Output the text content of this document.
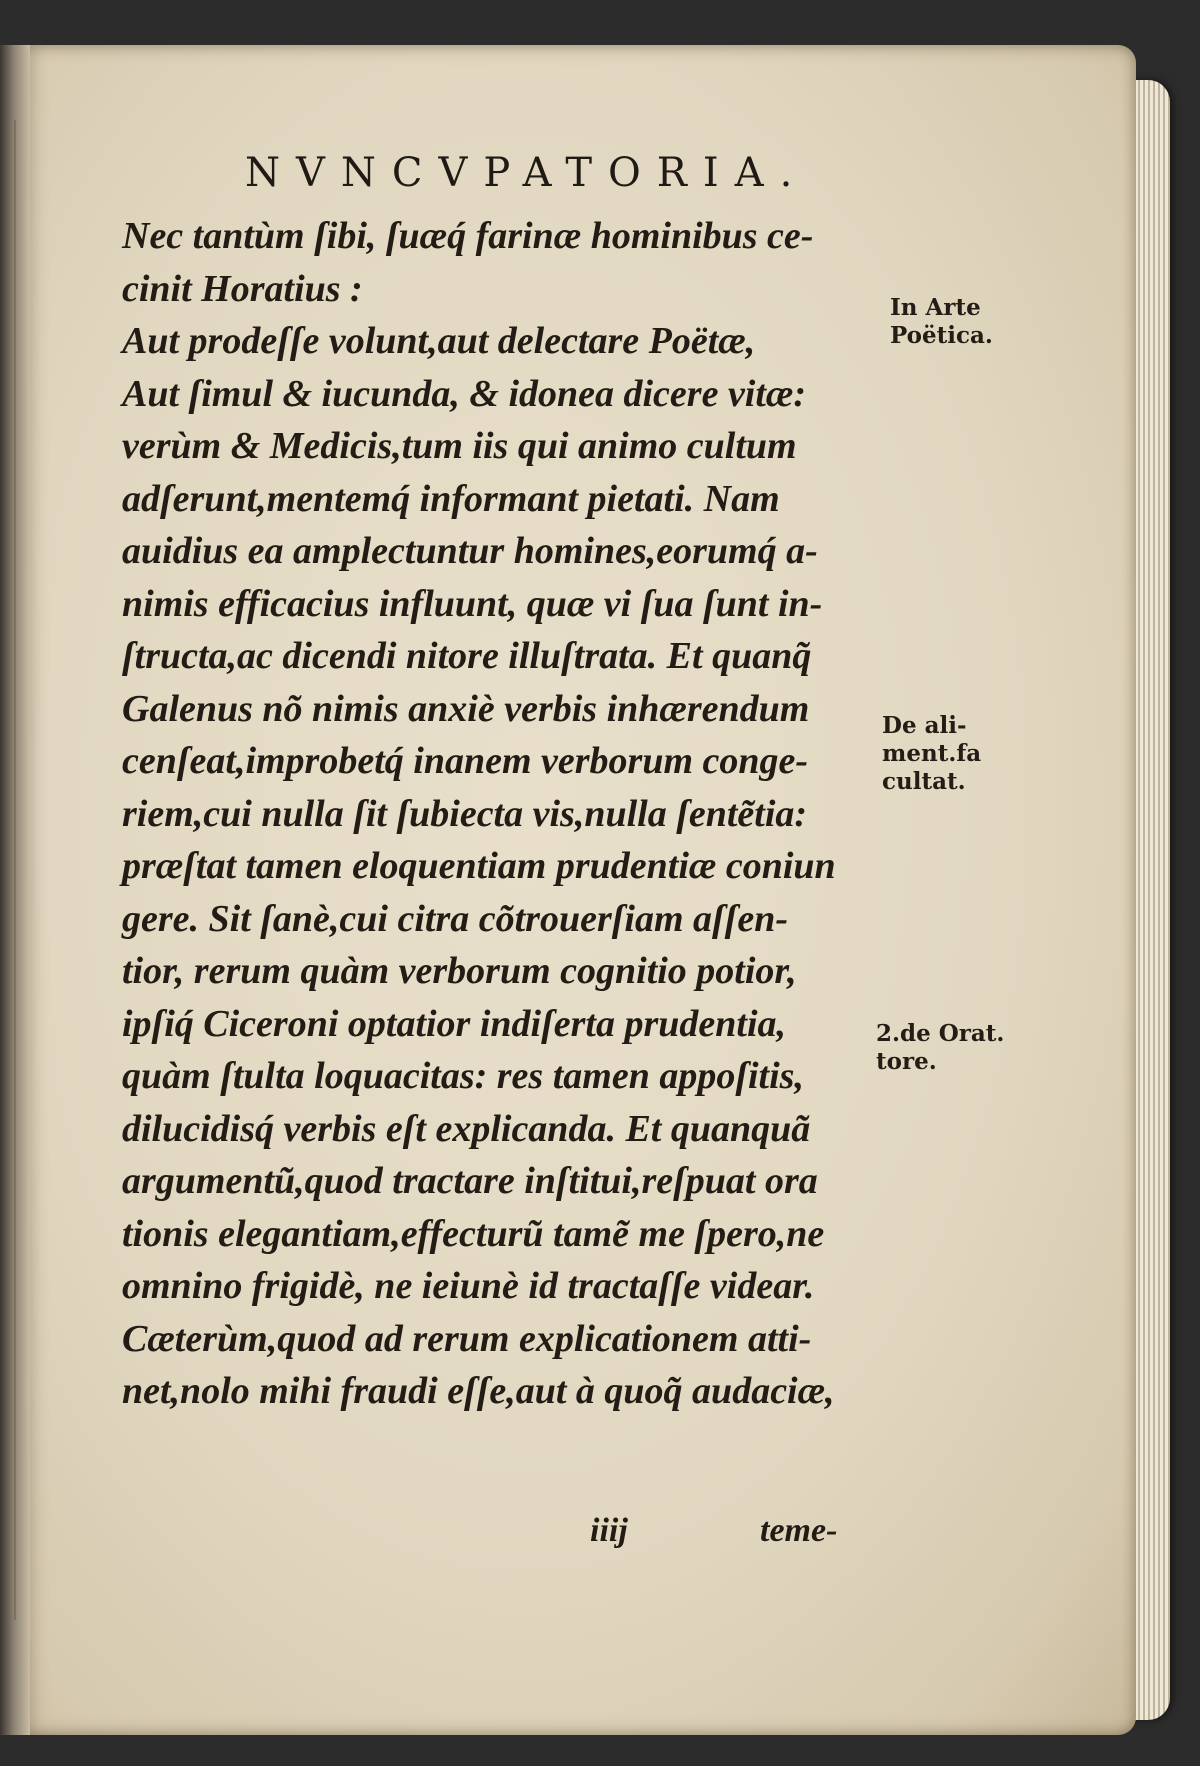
NVNCVPATORIA.
Nec tantùm ſibi, ſuæq́ farinæ hominibus ce-
cinit Horatius :
Aut prodeſſe volunt,aut delectare Poëtæ,
Aut ſimul & iucunda, & idonea dicere vitæ:
verùm & Medicis,tum iis qui animo cultum
adſerunt,mentemq́ informant pietati. Nam
auidius ea amplectuntur homines,eorumq́ a-
nimis efficacius influunt, quæ vi ſua ſunt in-
ſtructa,ac dicendi nitore illuſtrata. Et quanq̃
Galenus nõ nimis anxiè verbis inhærendum
cenſeat,improbetq́ inanem verborum conge-
riem,cui nulla ſit ſubiecta vis,nulla ſentẽtia:
præſtat tamen eloquentiam prudentiæ coniun
gere. Sit ſanè,cui citra cõtrouerſiam aſſen-
tior, rerum quàm verborum cognitio potior,
ipſiq́ Ciceroni optatior indiſerta prudentia,
quàm ſtulta loquacitas: res tamen appoſitis,
dilucidisq́ verbis eſt explicanda. Et quanquã
argumentũ,quod tractare inſtitui,reſpuat ora
tionis elegantiam,effecturũ tamẽ me ſpero,ne
omnino frigidè, ne ieiunè id tractaſſe videar.
Cæterùm,quod ad rerum explicationem atti-
net,nolo mihi fraudi eſſe,aut à quoq̃ audaciæ,
In Arte
Poëtica.
De ali-
ment.fa
cultat.
2.de Orat.
tore.
iiij	teme-
